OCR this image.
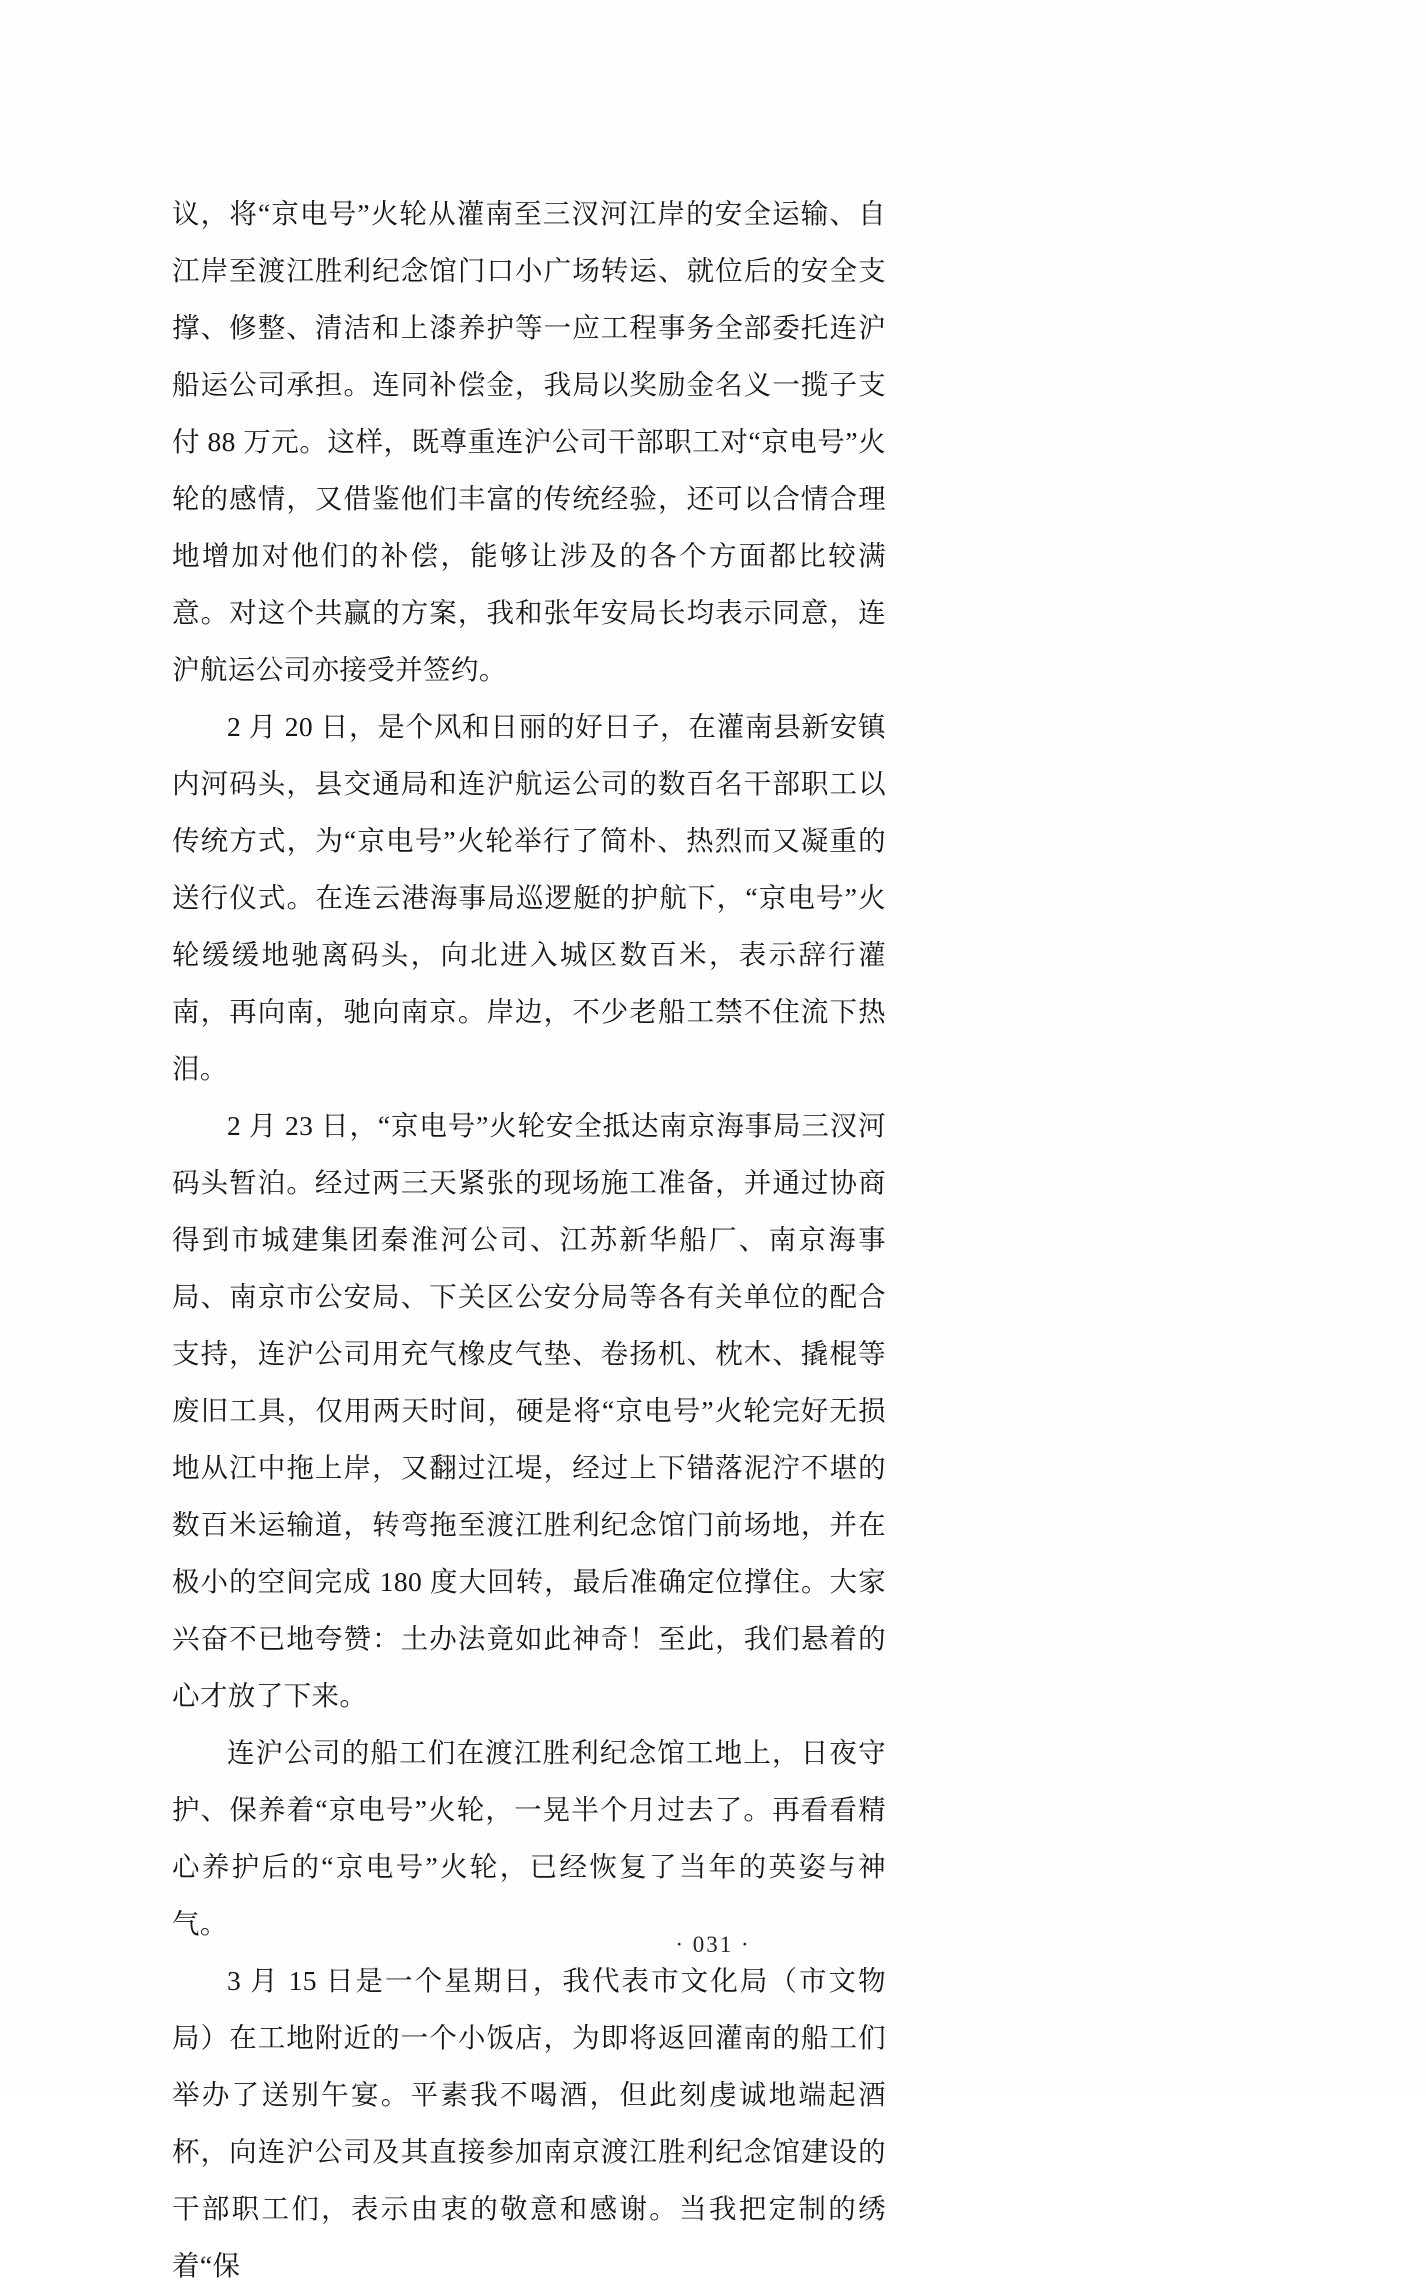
议，将“京电号”火轮从灌南至三汊河江岸的安全运输、自江岸至渡江胜利纪念馆门口小广场转运、就位后的安全支撑、修整、清洁和上漆养护等一应工程事务全部委托连沪船运公司承担。连同补偿金，我局以奖励金名义一揽子支付 88 万元。这样，既尊重连沪公司干部职工对“京电号”火轮的感情，又借鉴他们丰富的传统经验，还可以合情合理地增加对他们的补偿，能够让涉及的各个方面都比较满意。对这个共赢的方案，我和张年安局长均表示同意，连沪航运公司亦接受并签约。

2 月 20 日，是个风和日丽的好日子，在灌南县新安镇内河码头，县交通局和连沪航运公司的数百名干部职工以传统方式，为“京电号”火轮举行了简朴、热烈而又凝重的送行仪式。在连云港海事局巡逻艇的护航下，“京电号”火轮缓缓地驰离码头，向北进入城区数百米，表示辞行灌南，再向南，驰向南京。岸边，不少老船工禁不住流下热泪。

2 月 23 日，“京电号”火轮安全抵达南京海事局三汊河码头暂泊。经过两三天紧张的现场施工准备，并通过协商得到市城建集团秦淮河公司、江苏新华船厂、南京海事局、南京市公安局、下关区公安分局等各有关单位的配合支持，连沪公司用充气橡皮气垫、卷扬机、枕木、撬棍等废旧工具，仅用两天时间，硬是将“京电号”火轮完好无损地从江中拖上岸，又翻过江堤，经过上下错落泥泞不堪的数百米运输道，转弯拖至渡江胜利纪念馆门前场地，并在极小的空间完成 180 度大回转，最后准确定位撑住。大家兴奋不已地夸赞：土办法竟如此神奇！至此，我们悬着的心才放了下来。

连沪公司的船工们在渡江胜利纪念馆工地上，日夜守护、保养着“京电号”火轮，一晃半个月过去了。再看看精心养护后的“京电号”火轮，已经恢复了当年的英姿与神气。

3 月 15 日是一个星期日，我代表市文化局（市文物局）在工地附近的一个小饭店，为即将返回灌南的船工们举办了送别午宴。平素我不喝酒，但此刻虔诚地端起酒杯，向连沪公司及其直接参加南京渡江胜利纪念馆建设的干部职工们，表示由衷的敬意和感谢。当我把定制的绣着“保

· 031 ·
